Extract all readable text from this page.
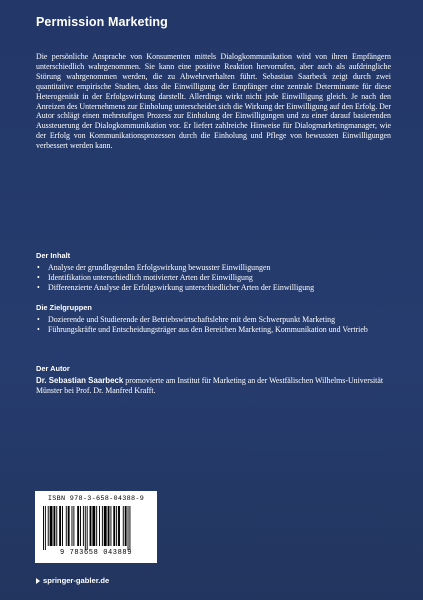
Permission Marketing

Die persönliche Ansprache von Konsumenten mittels Dialogkommunikation wird von ihren Empfängern unterschiedlich wahrgenommen. Sie kann eine positive Reaktion hervorrufen, aber auch als aufdringliche Störung wahrgenommen werden, die zu Abwehrverhalten führt. Sebastian Saarbeck zeigt durch zwei quantitative empirische Studien, dass die Einwilligung der Empfänger eine zentrale Determinante für diese Heterogenität in der Erfolgswirkung darstellt. Allerdings wirkt nicht jede Einwilligung gleich. Je nach den Anreizen des Unternehmens zur Einholung unterscheidet sich die Wirkung der Einwilligung auf den Erfolg. Der Autor schlägt einen mehrstufigen Prozess zur Einholung der Einwilligungen und zu einer darauf basierenden Aussteuerung der Dialogkommunikation vor. Er liefert zahlreiche Hinweise für Dialogmarketingmanager, wie der Erfolg von Kommunikationsprozessen durch die Einholung und Pflege von bewussten Einwilligungen verbessert werden kann.

Der Inhalt
• Analyse der grundlegenden Erfolgswirkung bewusster Einwilligungen
• Identifikation unterschiedlich motivierter Arten der Einwilligung
• Differenzierte Analyse der Erfolgswirkung unterschiedlicher Arten der Einwilligung
Die Zielgruppen
• Dozierende und Studierende der Betriebswirtschaftslehre mit dem Schwerpunkt Marketing
• Führungskräfte und Entscheidungsträger aus den Bereichen Marketing, Kommunikation und Vertrieb
Der Autor

Dr. Sebastian Saarbeck promovierte am Institut für Marketing an der Westfälischen Wilhelms-Universität Münster bei Prof. Dr. Manfred Krafft.

ISBN 978-3-658-04388-9
9 783658 043889
springer-gabler.de
